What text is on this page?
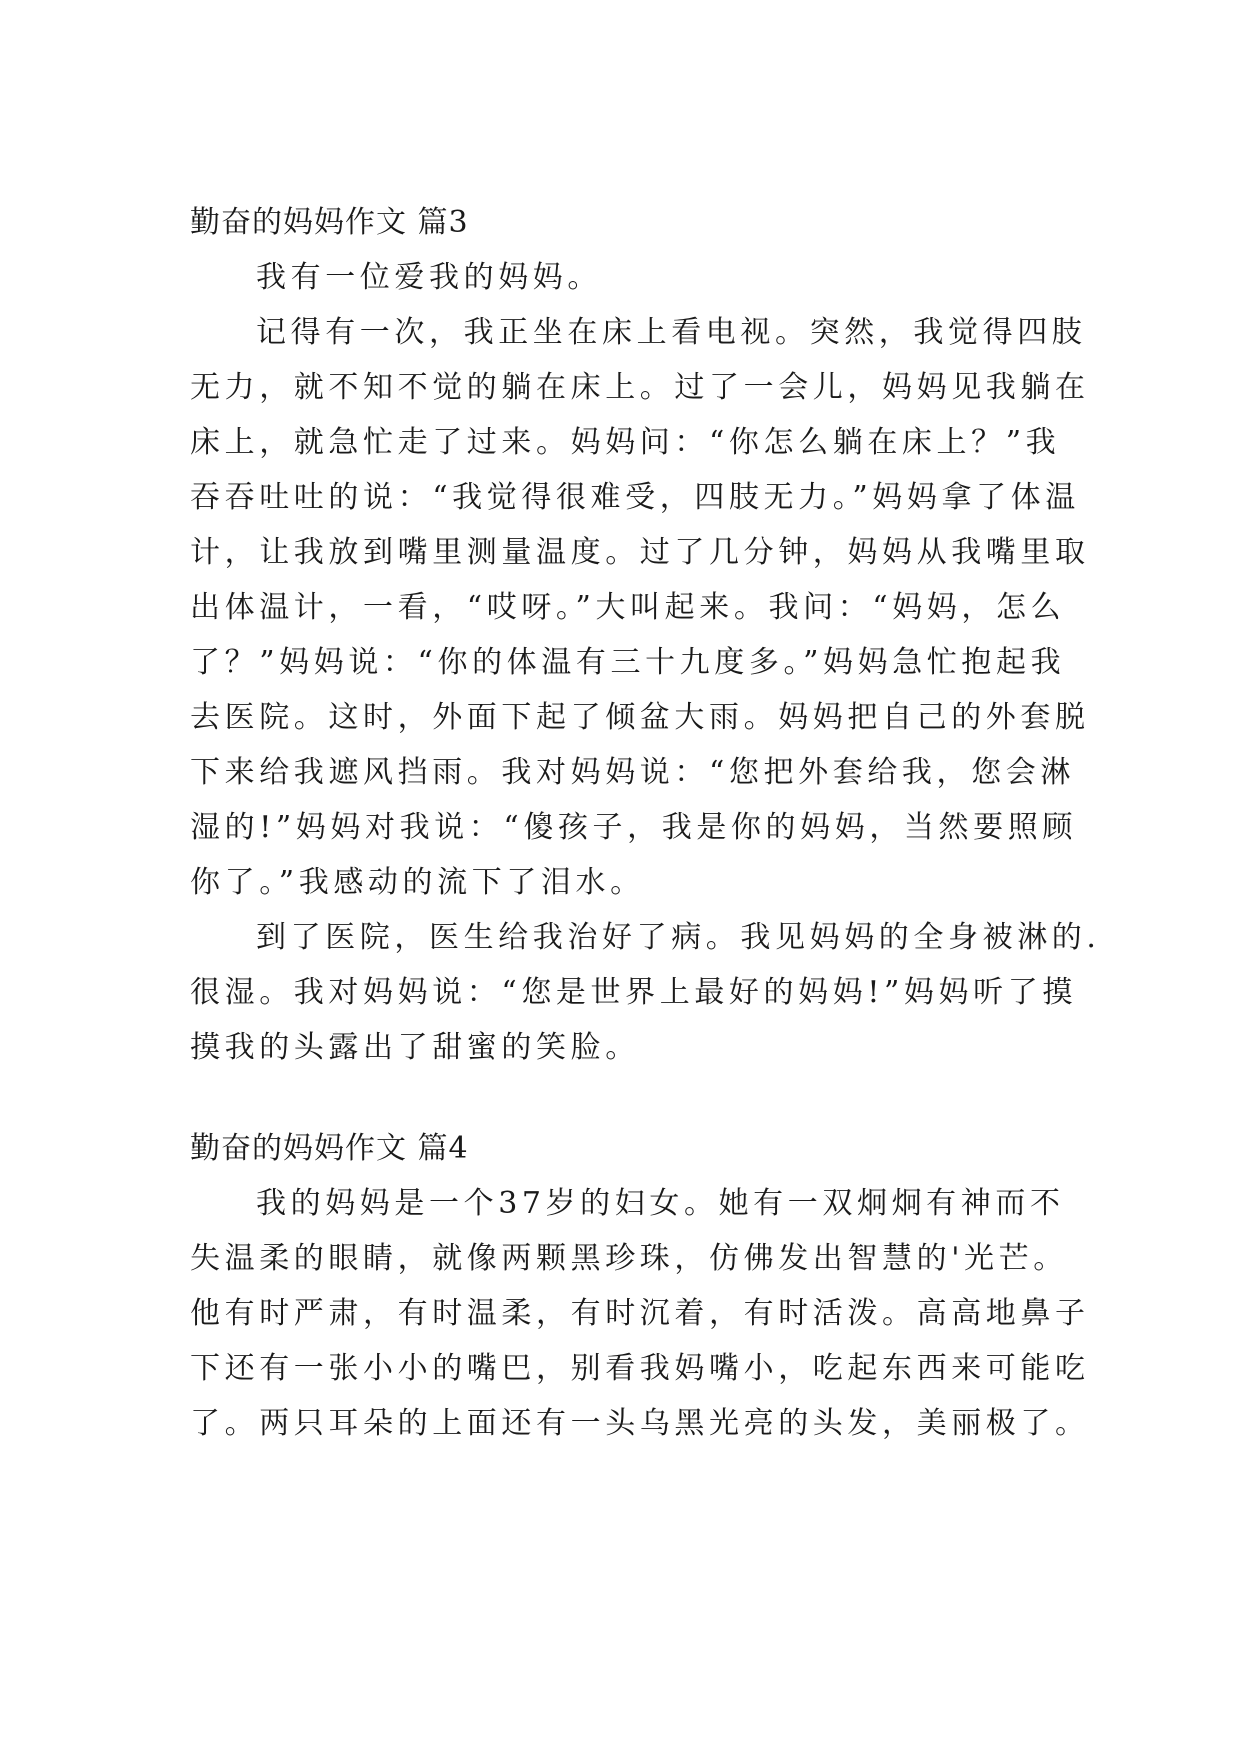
勤奋的妈妈作文 篇3
我有一位爱我的妈妈。
记得有一次，我正坐在床上看电视。突然，我觉得四肢
无力，就不知不觉的躺在床上。过了一会儿，妈妈见我躺在
床上，就急忙走了过来。妈妈问：“你怎么躺在床上？”我
吞吞吐吐的说：“我觉得很难受，四肢无力。”妈妈拿了体温
计，让我放到嘴里测量温度。过了几分钟，妈妈从我嘴里取
出体温计，一看，“哎呀。”大叫起来。我问：“妈妈，怎么
了？”妈妈说：“你的体温有三十九度多。”妈妈急忙抱起我
去医院。这时，外面下起了倾盆大雨。妈妈把自己的外套脱
下来给我遮风挡雨。我对妈妈说：“您把外套给我，您会淋
湿的!”妈妈对我说：“傻孩子，我是你的妈妈，当然要照顾
你了。”我感动的流下了泪水。
到了医院，医生给我治好了病。我见妈妈的全身被淋的.
很湿。我对妈妈说：“您是世界上最好的妈妈!”妈妈听了摸
摸我的头露出了甜蜜的笑脸。
勤奋的妈妈作文 篇4
我的妈妈是一个37岁的妇女。她有一双炯炯有神而不
失温柔的眼睛，就像两颗黑珍珠，仿佛发出智慧的'光芒。
他有时严肃，有时温柔，有时沉着，有时活泼。高高地鼻子
下还有一张小小的嘴巴，别看我妈嘴小，吃起东西来可能吃
了。两只耳朵的上面还有一头乌黑光亮的头发，美丽极了。
